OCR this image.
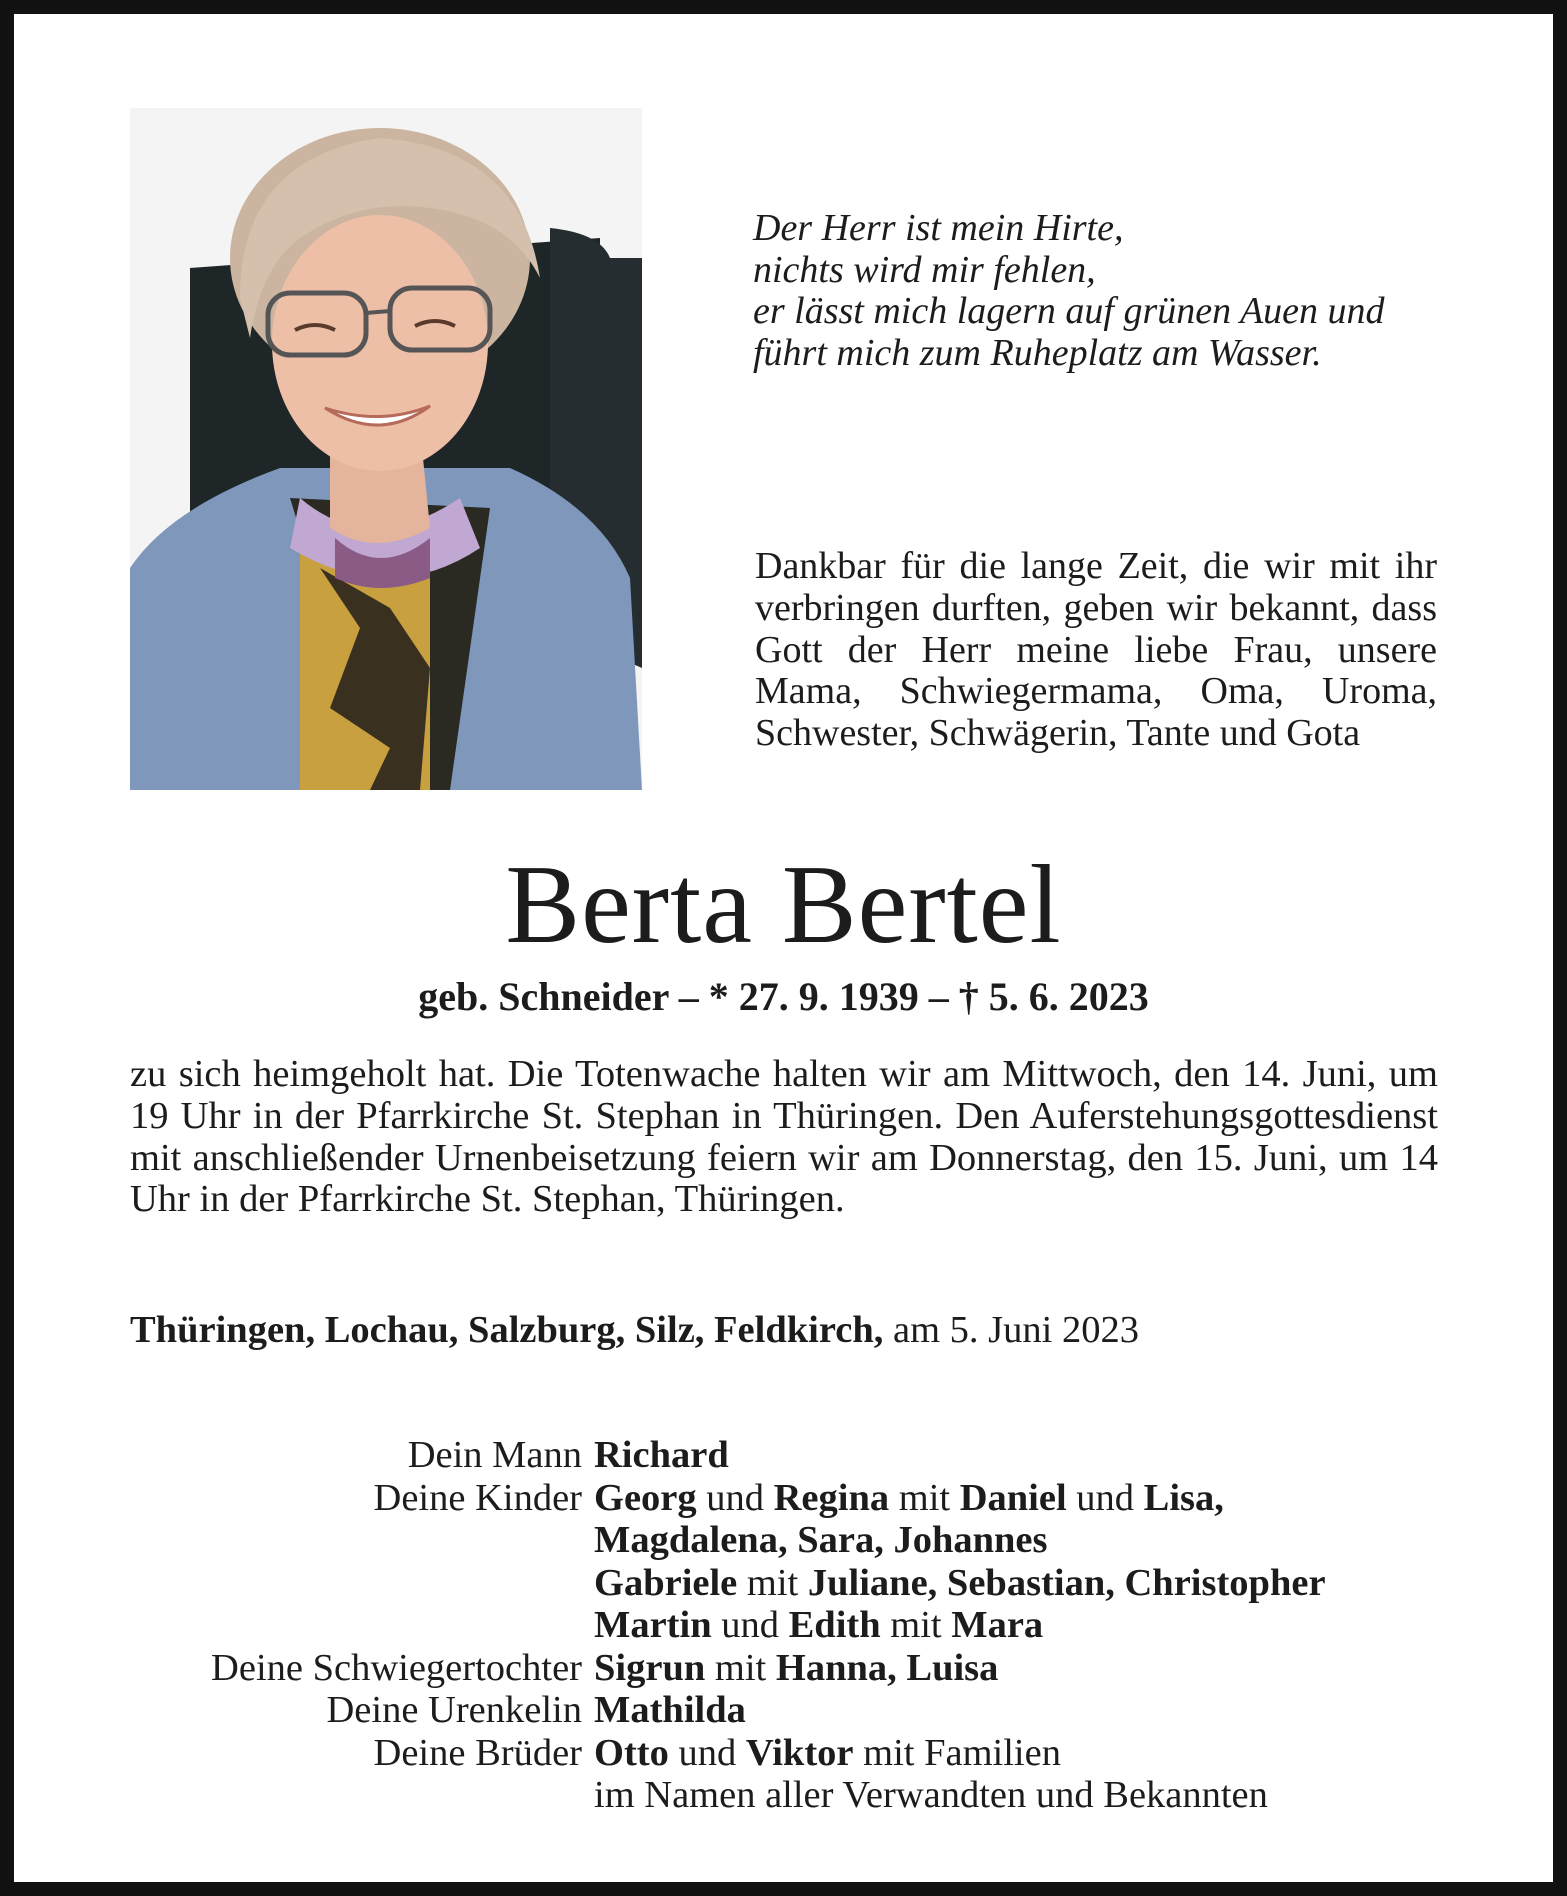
Der Herr ist mein Hirte,
nichts wird mir fehlen,
er lässt mich lagern auf grünen Auen und
führt mich zum Ruheplatz am Wasser.
Dankbar für die lange Zeit, die wir mit ihr verbringen durften, geben wir bekannt, dass Gott der Herr meine liebe Frau, unsere Mama, Schwiegermama, Oma, Uroma, Schwester, Schwägerin, Tante und Gota
Berta Bertel
geb. Schneider – * 27. 9. 1939 – † 5. 6. 2023
zu sich heimgeholt hat. Die Totenwache halten wir am Mittwoch, den 14. Juni, um 19 Uhr in der Pfarrkirche St. Stephan in Thüringen. Den Auferstehungsgottesdienst mit anschließender Urnenbeisetzung feiern wir am Donnerstag, den 15. Juni, um 14 Uhr in der Pfarrkirche St. Stephan, Thüringen.
Thüringen, Lochau, Salzburg, Silz, Feldkirch, am 5. Juni 2023
Dein Mann Richard
Deine Kinder Georg und Regina mit Daniel und Lisa,
Magdalena, Sara, Johannes
Gabriele mit Juliane, Sebastian, Christopher
Martin und Edith mit Mara
Deine Schwiegertochter Sigrun mit Hanna, Luisa
Deine Urenkelin Mathilda
Deine Brüder Otto und Viktor mit Familien
im Namen aller Verwandten und Bekannten
